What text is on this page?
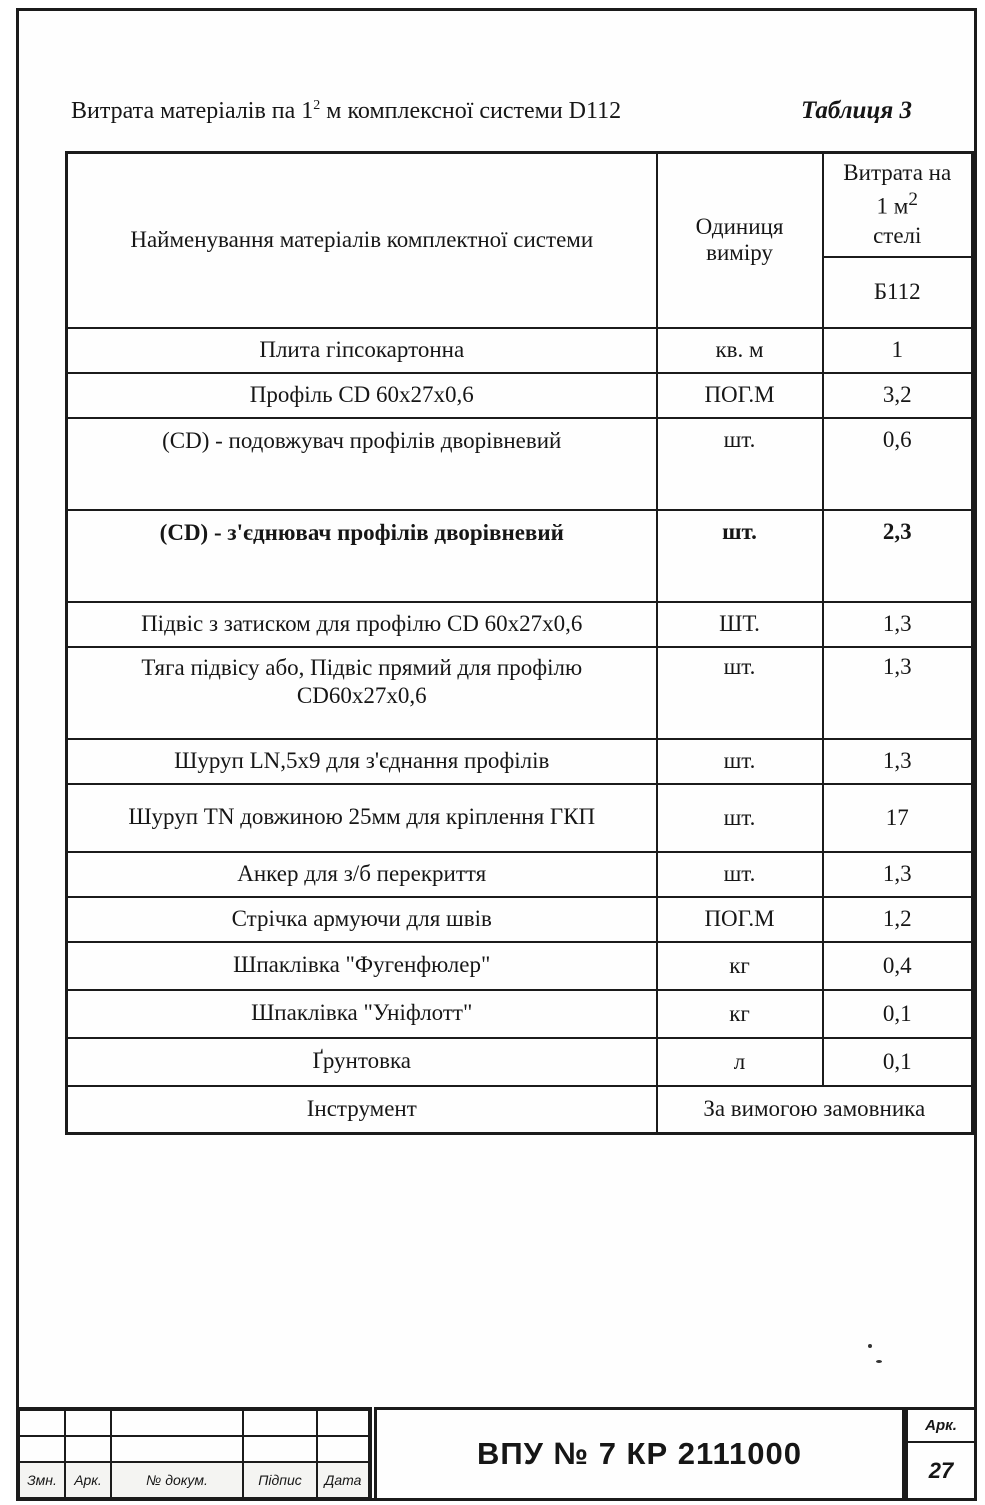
Витрата матеріалів па $1^2$ м комплексної системи D112	Таблиця 3
Найменування матеріалів комплектної системи	Одиниця виміру	Витрата на
1 $м^2$
стелі
		Б112
Плита гіпсокартонна	кв. м	1
Профіль CD 60х27х0,6	ПОГ.М	3,2
(CD) - подовжувач профілів дворівневий	шт.	0,6
(CD) - з'єднювач профілів дворівневий	шт.	2,3
Підвіс з затиском для профілю CD 60х27х0,6	ШТ.	1,3
Тяга підвісу або, Підвіс прямий для профілю CD60х27х0,6	шт.	1,3
Шуруп LN,5х9 для з'єднання профілів	шт.	1,3
Шуруп TN довжиною 25мм для кріплення ГКП	шт.	17
Анкер для з/б перекриття	шт.	1,3
Стрічка армуючи для швів	ПОГ.М	1,2
Шпаклівка "Фугенфюлер"	кг	0,4
Шпаклівка "Уніфлотт"	кг	0,1
Ґрунтовка	л	0,1
Інструмент	За вимогою замовника	
Змн.	Арк.	№ докум.	Підпис	Дата
ВПУ № 7 КР 2111000
Арк.
27
